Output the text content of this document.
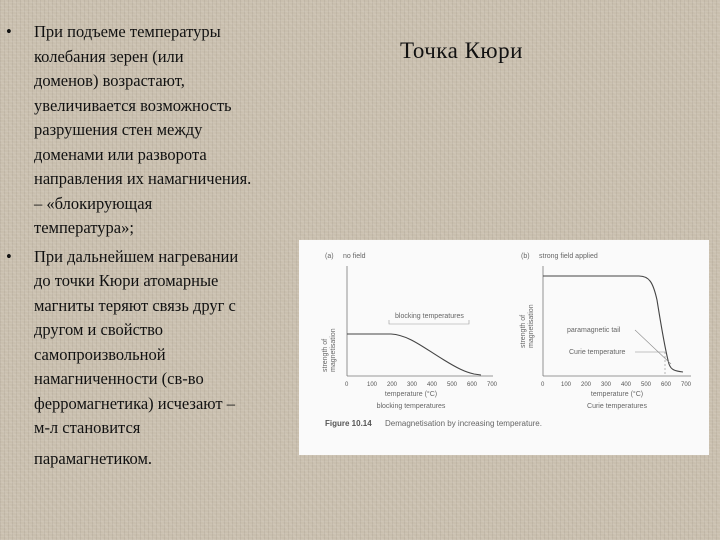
Точка Кюри
• При подъеме температуры
колебания зерен (или
доменов) возрастают,
увеличивается возможность
разрушения стен между
доменами или разворота
направления их намагничения.
– «блокирующая
температура»;
• При дальнейшем нагревании
до точки Кюри атомарные
магниты теряют связь друг с
другом и свойство
самопроизвольной
намагниченности (св-во
ферромагнетика) исчезают –
м-л становится
парамагнетиком.
(a) no field
strength of magnetisation
0	100 200 300 400 500 600 700
temperature (°C)
blocking temperatures
blocking temperatures
(b) strong field applied
strength of magnetisation
0	100 200 300 400 500 600 700
temperature (°C)
Curie temperatures
paramagnetic tail
Curie temperature
Figure 10.14 Demagnetisation by increasing temperature.
